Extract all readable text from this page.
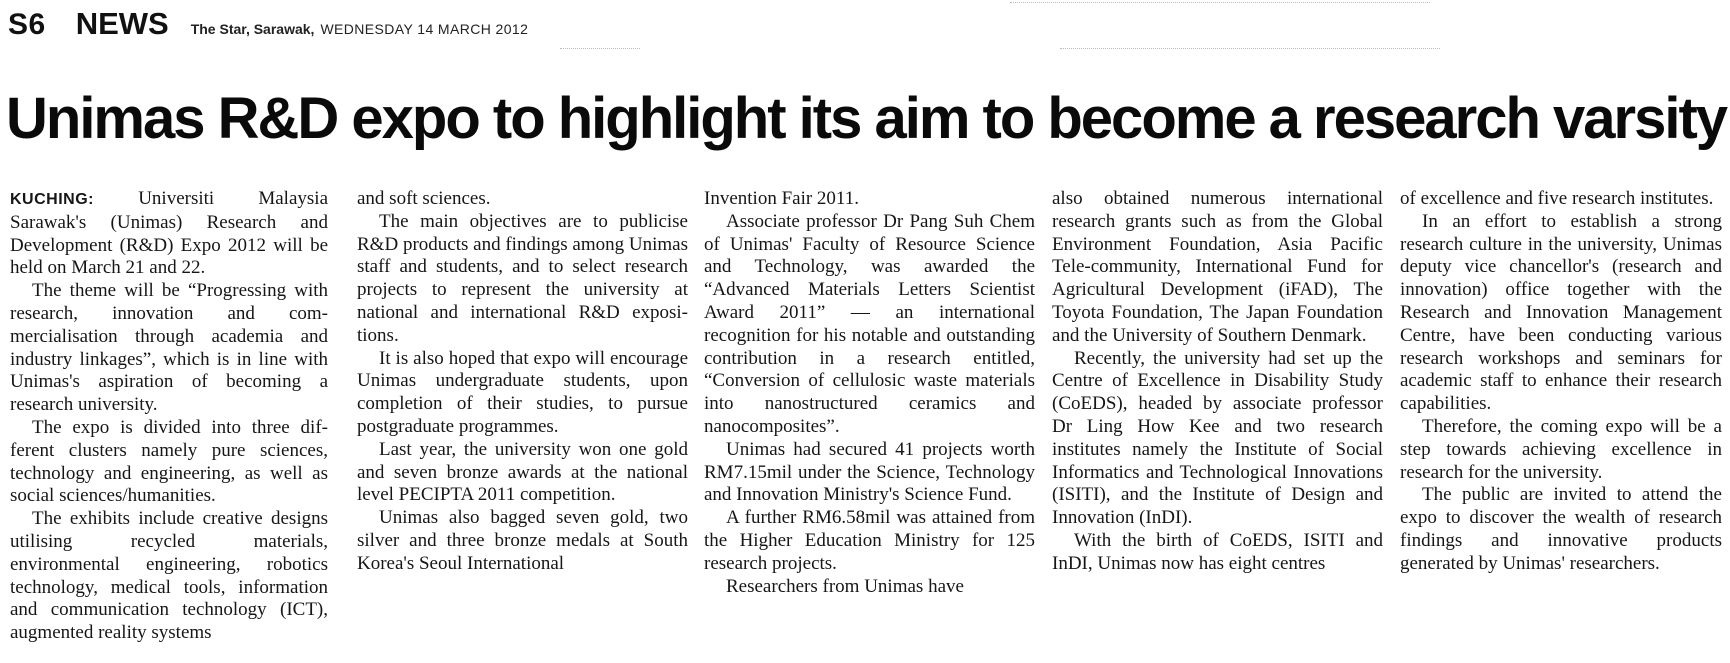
S6 NEWS The Star, Sarawak, WEDNESDAY 14 MARCH 2012
Unimas R&D expo to highlight its aim to become a research varsity

KUCHING: Universiti Malaysia Sarawak's (Unimas) Research and Development (R&D) Expo 2012 will be held on March 21 and 22.

The theme will be “Progressing with research, innovation and commercialisation through academia and industry linkages”, which is in line with Unimas's aspiration of becoming a research university.

The expo is divided into three different clusters namely pure sciences, technology and engineering, as well as social sciences/humanities.

The exhibits include creative designs utilising recycled materials, environmental engineering, robotics technology, medical tools, information and communication technology (ICT), augmented reality systems

and soft sciences.

The main objectives are to publicise R&D products and findings among Unimas staff and students, and to select research projects to represent the university at national and international R&D expositions.

It is also hoped that expo will encourage Unimas undergraduate students, upon completion of their studies, to pursue postgraduate programmes.

Last year, the university won one gold and seven bronze awards at the national level PECIPTA 2011 competition.

Unimas also bagged seven gold, two silver and three bronze medals at South Korea's Seoul International

Invention Fair 2011.

Associate professor Dr Pang Suh Chem of Unimas' Faculty of Resource Science and Technology, was awarded the “Advanced Materials Letters Scientist Award 2011” — an international recognition for his notable and outstanding contribution in a research entitled, “Conversion of cellulosic waste materials into nanostructured ceramics and nanocomposites”.

Unimas had secured 41 projects worth RM7.15mil under the Science, Technology and Innovation Ministry's Science Fund.

A further RM6.58mil was attained from the Higher Education Ministry for 125 research projects.

Researchers from Unimas have

also obtained numerous international research grants such as from the Global Environment Foundation, Asia Pacific Tele-community, International Fund for Agricultural Development (iFAD), The Toyota Foundation, The Japan Foundation and the University of Southern Denmark.

Recently, the university had set up the Centre of Excellence in Disability Study (CoEDS), headed by associate professor Dr Ling How Kee and two research institutes namely the Institute of Social Informatics and Technological Innovations (ISITI), and the Institute of Design and Innovation (InDI).

With the birth of CoEDS, ISITI and InDI, Unimas now has eight centres

of excellence and five research institutes.

In an effort to establish a strong research culture in the university, Unimas deputy vice chancellor's (research and innovation) office together with the Research and Innovation Management Centre, have been conducting various research workshops and seminars for academic staff to enhance their research capabilities.

Therefore, the coming expo will be a step towards achieving excellence in research for the university.

The public are invited to attend the expo to discover the wealth of research findings and innovative products generated by Unimas' researchers.
